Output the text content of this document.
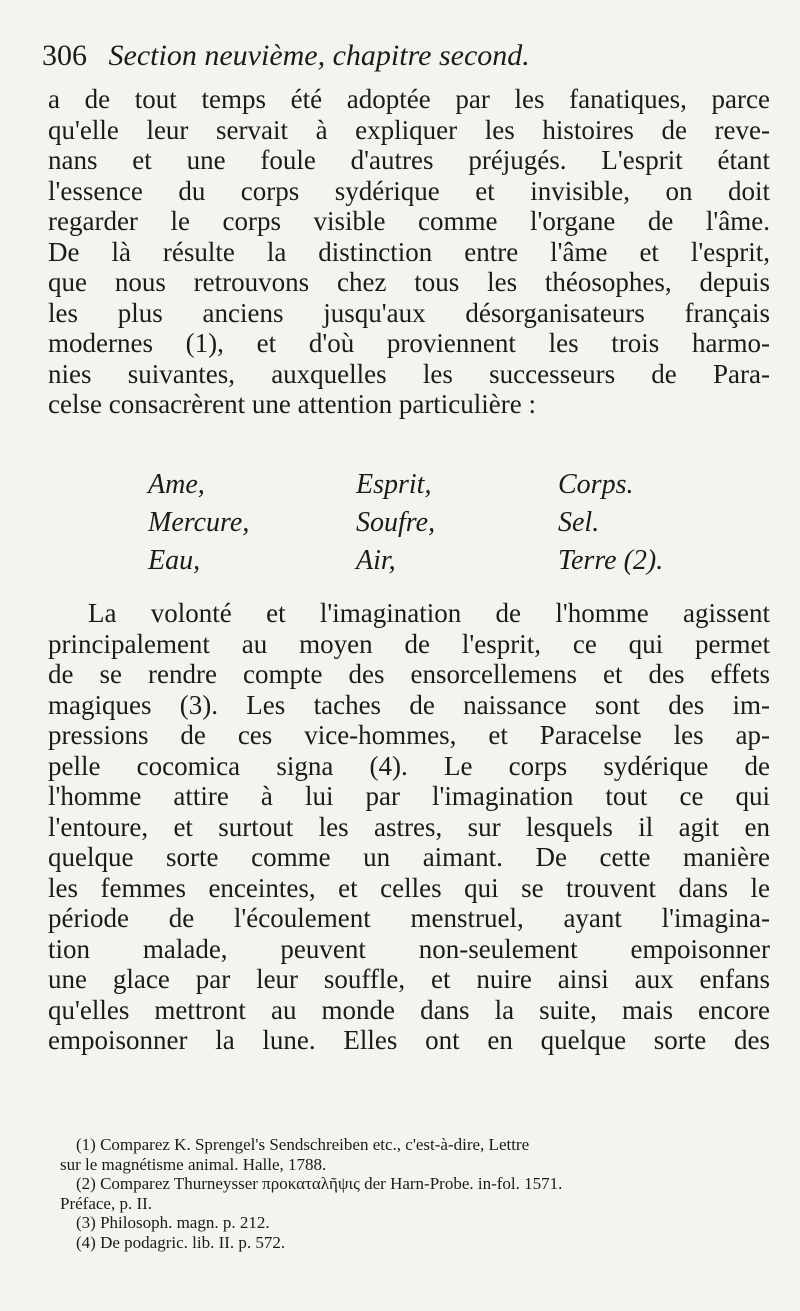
306 Section neuvième, chapitre second.
a de tout temps été adoptée par les fanatiques, parce
qu'elle leur servait à expliquer les histoires de reve-
nans et une foule d'autres préjugés. L'esprit étant
l'essence du corps sydérique et invisible, on doit
regarder le corps visible comme l'organe de l'âme.
De là résulte la distinction entre l'âme et l'esprit,
que nous retrouvons chez tous les théosophes, depuis
les plus anciens jusqu'aux désorganisateurs français
modernes (1), et d'où proviennent les trois harmo-
nies suivantes, auxquelles les successeurs de Para-
celse consacrèrent une attention particulière :
Ame,	Esprit,	Corps.
Mercure,	Soufre,	Sel.
Eau,	Air,	Terre (2).
La volonté et l'imagination de l'homme agissent
principalement au moyen de l'esprit, ce qui permet
de se rendre compte des ensorcellemens et des effets
magiques (3). Les taches de naissance sont des im-
pressions de ces vice-hommes, et Paracelse les ap-
pelle cocomica signa (4). Le corps sydérique de
l'homme attire à lui par l'imagination tout ce qui
l'entoure, et surtout les astres, sur lesquels il agit en
quelque sorte comme un aimant. De cette manière
les femmes enceintes, et celles qui se trouvent dans le
période de l'écoulement menstruel, ayant l'imagina-
tion malade, peuvent non-seulement empoisonner
une glace par leur souffle, et nuire ainsi aux enfans
qu'elles mettront au monde dans la suite, mais encore
empoisonner la lune. Elles ont en quelque sorte des
(1) Comparez K. Sprengel's Sendschreiben etc., c'est-à-dire, Lettre
sur le magnétisme animal. Halle, 1788.
(2) Comparez Thurneysser προκαταλῆψις der Harn-Probe. in-fol. 1571.
Préface, p. II.
(3) Philosoph. magn. p. 212.
(4) De podagric. lib. II. p. 572.
